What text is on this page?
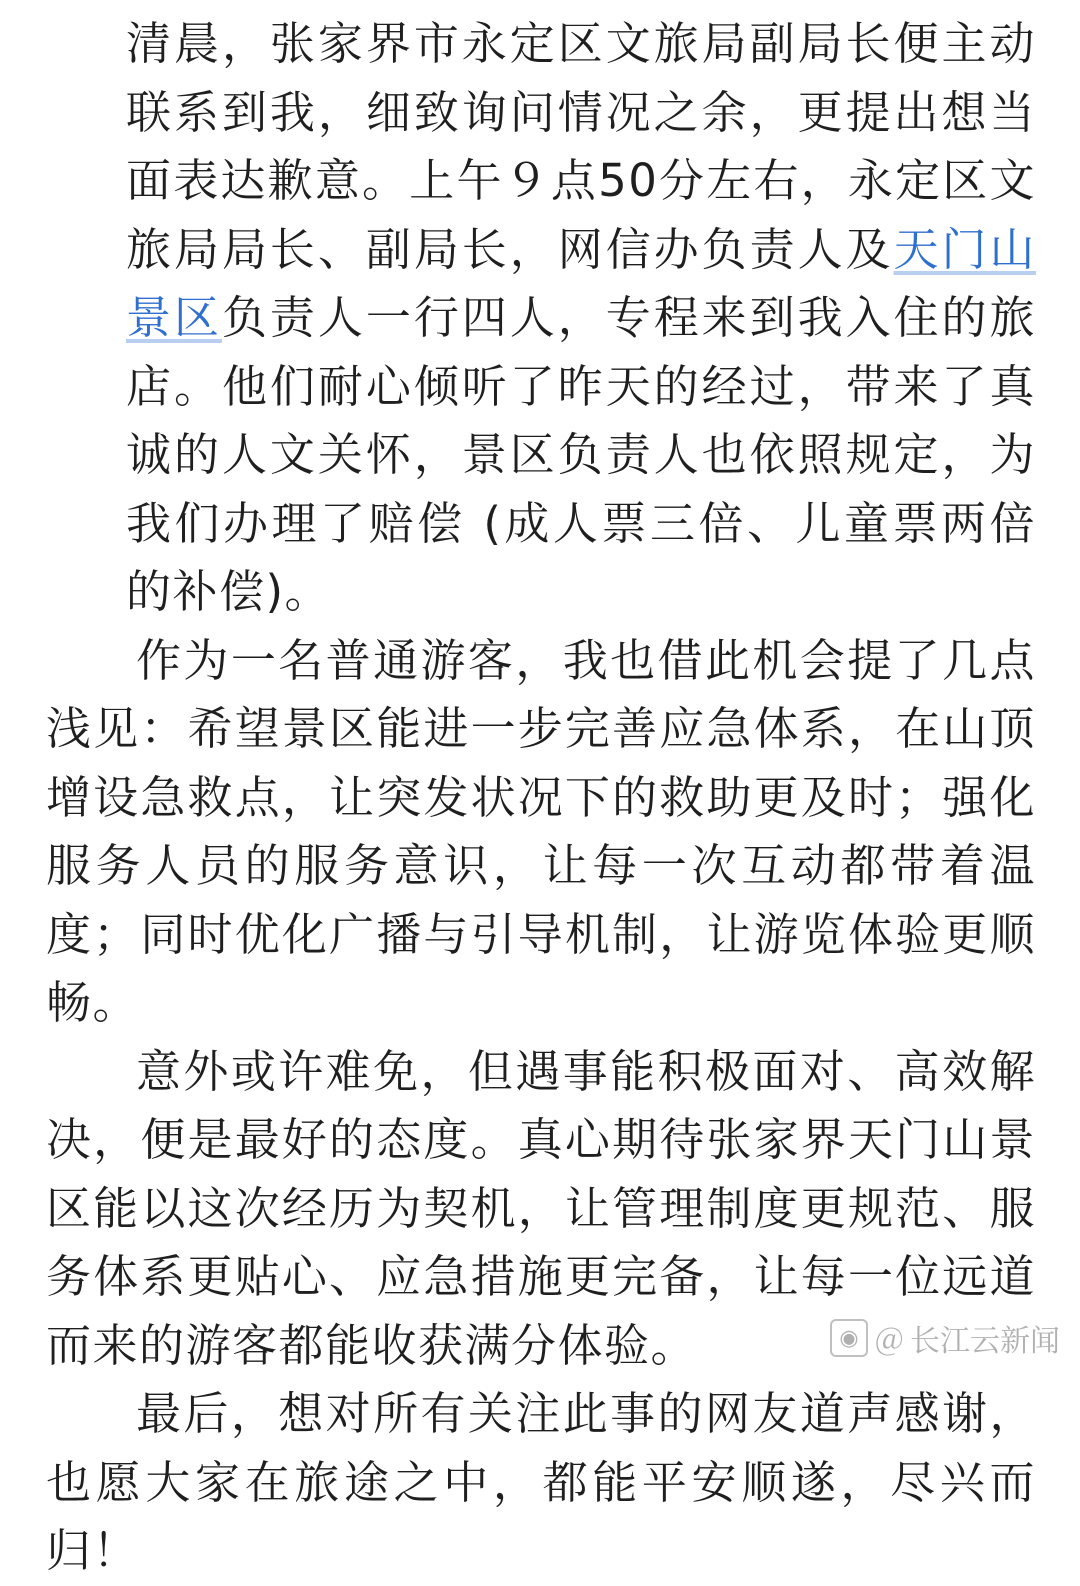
清晨，张家界市永定区文旅局副局长便主动联系到我，细致询问情况之余，更提出想当面表达歉意。上午９点50分左右，永定区文旅局局长、副局长，网信办负责人及天门山景区负责人一行四人，专程来到我入住的旅店。他们耐心倾听了昨天的经过，带来了真诚的人文关怀，景区负责人也依照规定，为我们办理了赔偿 (成人票三倍、儿童票两倍的补偿)。

作为一名普通游客，我也借此机会提了几点浅见：希望景区能进一步完善应急体系，在山顶增设急救点，让突发状况下的救助更及时；强化服务人员的服务意识，让每一次互动都带着温度；同时优化广播与引导机制，让游览体验更顺畅。

意外或许难免，但遇事能积极面对、高效解决，便是最好的态度。真心期待张家界天门山景区能以这次经历为契机，让管理制度更规范、服务体系更贴心、应急措施更完备，让每一位远道而来的游客都能收获满分体验。

最后，想对所有关注此事的网友道声感谢，也愿大家在旅途之中，都能平安顺遂，尽兴而归！

◉ ＠ 长江云新闻
